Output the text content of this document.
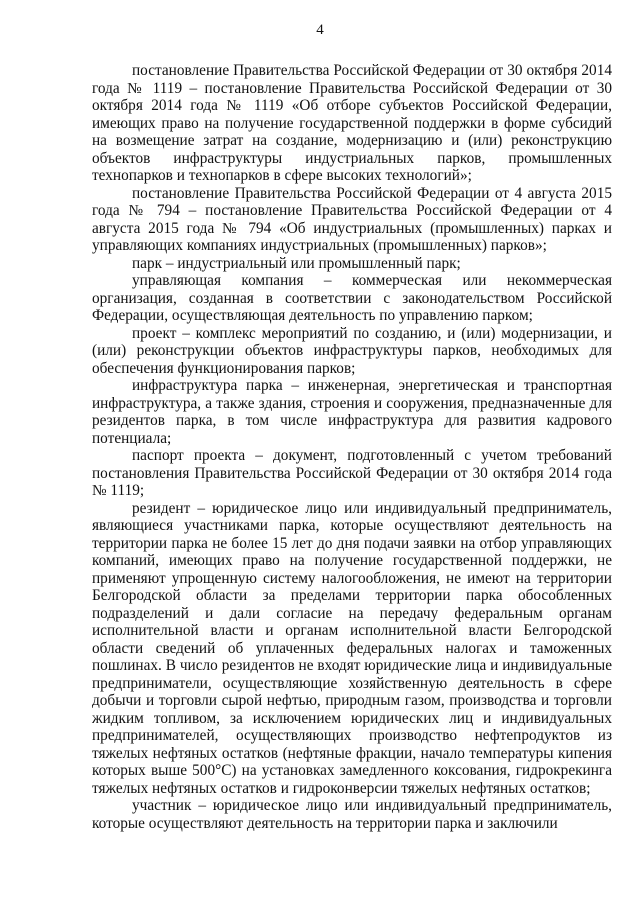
4

постановление Правительства Российской Федерации от 30 октября 2014 года № 1119 – постановление Правительства Российской Федерации от 30 октября 2014 года № 1119 «Об отборе субъектов Российской Федерации, имеющих право на получение государственной поддержки в форме субсидий на возмещение затрат на создание, модернизацию и (или) реконструкцию объектов инфраструктуры индустриальных парков, промышленных технопарков и технопарков в сфере высоких технологий»;

постановление Правительства Российской Федерации от 4 августа 2015 года № 794 – постановление Правительства Российской Федерации от 4 августа 2015 года № 794 «Об индустриальных (промышленных) парках и управляющих компаниях индустриальных (промышленных) парков»;

парк – индустриальный или промышленный парк;

управляющая компания – коммерческая или некоммерческая организация, созданная в соответствии с законодательством Российской Федерации, осуществляющая деятельность по управлению парком;

проект – комплекс мероприятий по созданию, и (или) модернизации, и (или) реконструкции объектов инфраструктуры парков, необходимых для обеспечения функционирования парков;

инфраструктура парка – инженерная, энергетическая и транспортная инфраструктура, а также здания, строения и сооружения, предназначенные для резидентов парка, в том числе инфраструктура для развития кадрового потенциала;

паспорт проекта – документ, подготовленный с учетом требований постановления Правительства Российской Федерации от 30 октября 2014 года № 1119;

резидент – юридическое лицо или индивидуальный предприниматель, являющиеся участниками парка, которые осуществляют деятельность на территории парка не более 15 лет до дня подачи заявки на отбор управляющих компаний, имеющих право на получение государственной поддержки, не применяют упрощенную систему налогообложения, не имеют на территории Белгородской области за пределами территории парка обособленных подразделений и дали согласие на передачу федеральным органам исполнительной власти и органам исполнительной власти Белгородской области сведений об уплаченных федеральных налогах и таможенных пошлинах. В число резидентов не входят юридические лица и индивидуальные предприниматели, осуществляющие хозяйственную деятельность в сфере добычи и торговли сырой нефтью, природным газом, производства и торговли жидким топливом, за исключением юридических лиц и индивидуальных предпринимателей, осуществляющих производство нефтепродуктов из тяжелых нефтяных остатков (нефтяные фракции, начало температуры кипения которых выше 500°С) на установках замедленного коксования, гидрокрекинга тяжелых нефтяных остатков и гидроконверсии тяжелых нефтяных остатков;

участник – юридическое лицо или индивидуальный предприниматель, которые осуществляют деятельность на территории парка и заключили
